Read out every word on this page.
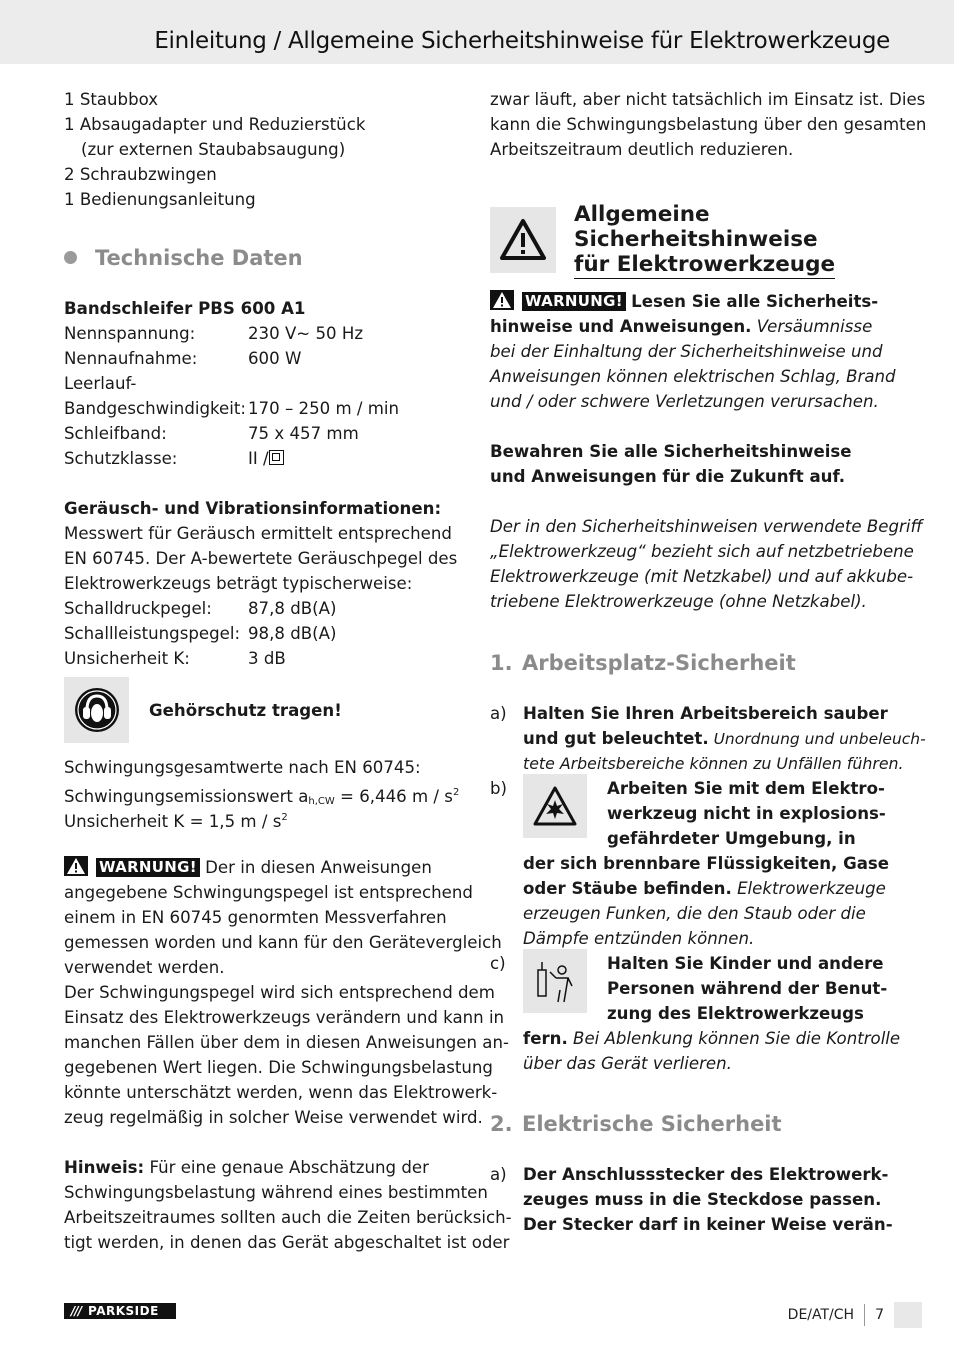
Einleitung / Allgemeine Sicherheitshinweise für Elektrowerkzeuge
1 Staubbox
1 Absaugadapter und Reduzierstück
(zur externen Staubabsaugung)
2 Schraubzwingen
1 Bedienungsanleitung
Technische Daten
Bandschleifer PBS 600 A1
Nennspannung:	230 V~ 50 Hz
Nennaufnahme:	600 W
Leerlauf-
Bandgeschwindigkeit: 170 – 250 m / min
Schleifband:	75 x 457 mm
Schutzklasse:	II /
Geräusch- und Vibrationsinformationen:
Messwert für Geräusch ermittelt entsprechend
EN 60745. Der A-bewertete Geräuschpegel des
Elektrowerkzeugs beträgt typischerweise:
Schalldruckpegel:	87,8 dB(A)
Schallleistungspegel: 98,8 dB(A)
Unsicherheit K:	3 dB
Gehörschutz tragen!
Schwingungsgesamtwerte nach EN 60745:
Schwingungsemissionswert $a_{h,CW} = 6,446$ m / $s^2$
Unsicherheit K = 1,5 m / $s^2$
WARNUNG! Der in diesen Anweisungen
angegebene Schwingungspegel ist entsprechend
einem in EN 60745 genormten Messverfahren
gemessen worden und kann für den Gerätevergleich
verwendet werden.
Der Schwingungspegel wird sich entsprechend dem
Einsatz des Elektrowerkzeugs verändern und kann in
manchen Fällen über dem in diesen Anweisungen an-
gegebenen Wert liegen. Die Schwingungsbelastung
könnte unterschätzt werden, wenn das Elektrowerk-
zeug regelmäßig in solcher Weise verwendet wird.
Hinweis: Für eine genaue Abschätzung der
Schwingungsbelastung während eines bestimmten
Arbeitszeitraumes sollten auch die Zeiten berücksich-
tigt werden, in denen das Gerät abgeschaltet ist oder
zwar läuft, aber nicht tatsächlich im Einsatz ist. Dies
kann die Schwingungsbelastung über den gesamten
Arbeitszeitraum deutlich reduzieren.
Allgemeine
Sicherheitshinweise
für Elektrowerkzeuge
WARNUNG! Lesen Sie alle Sicherheits-
hinweise und Anweisungen. Versäumnisse
bei der Einhaltung der Sicherheitshinweise und
Anweisungen können elektrischen Schlag, Brand
und / oder schwere Verletzungen verursachen.
Bewahren Sie alle Sicherheitshinweise
und Anweisungen für die Zukunft auf.
Der in den Sicherheitshinweisen verwendete Begriff
„Elektrowerkzeug“ bezieht sich auf netzbetriebene
Elektrowerkzeuge (mit Netzkabel) und auf akkube-
triebene Elektrowerkzeuge (ohne Netzkabel).
1. Arbeitsplatz-Sicherheit
a) Halten Sie Ihren Arbeitsbereich sauber
und gut beleuchtet. Unordnung und unbeleuch-
tete Arbeitsbereiche können zu Unfällen führen.
b)	Arbeiten Sie mit dem Elektro-
werkzeug nicht in explosions-
gefährdeter Umgebung, in
der sich brennbare Flüssigkeiten, Gase
oder Stäube befinden. Elektrowerkzeuge
erzeugen Funken, die den Staub oder die
Dämpfe entzünden können.
c)	Halten Sie Kinder und andere
Personen während der Benut-
zung des Elektrowerkzeugs
fern. Bei Ablenkung können Sie die Kontrolle
über das Gerät verlieren.
2. Elektrische Sicherheit
a) Der Anschlussstecker des Elektrowerk-
zeuges muss in die Steckdose passen.
Der Stecker darf in keiner Weise verän-
/// PARKSIDE	DE/AT/CH 7
